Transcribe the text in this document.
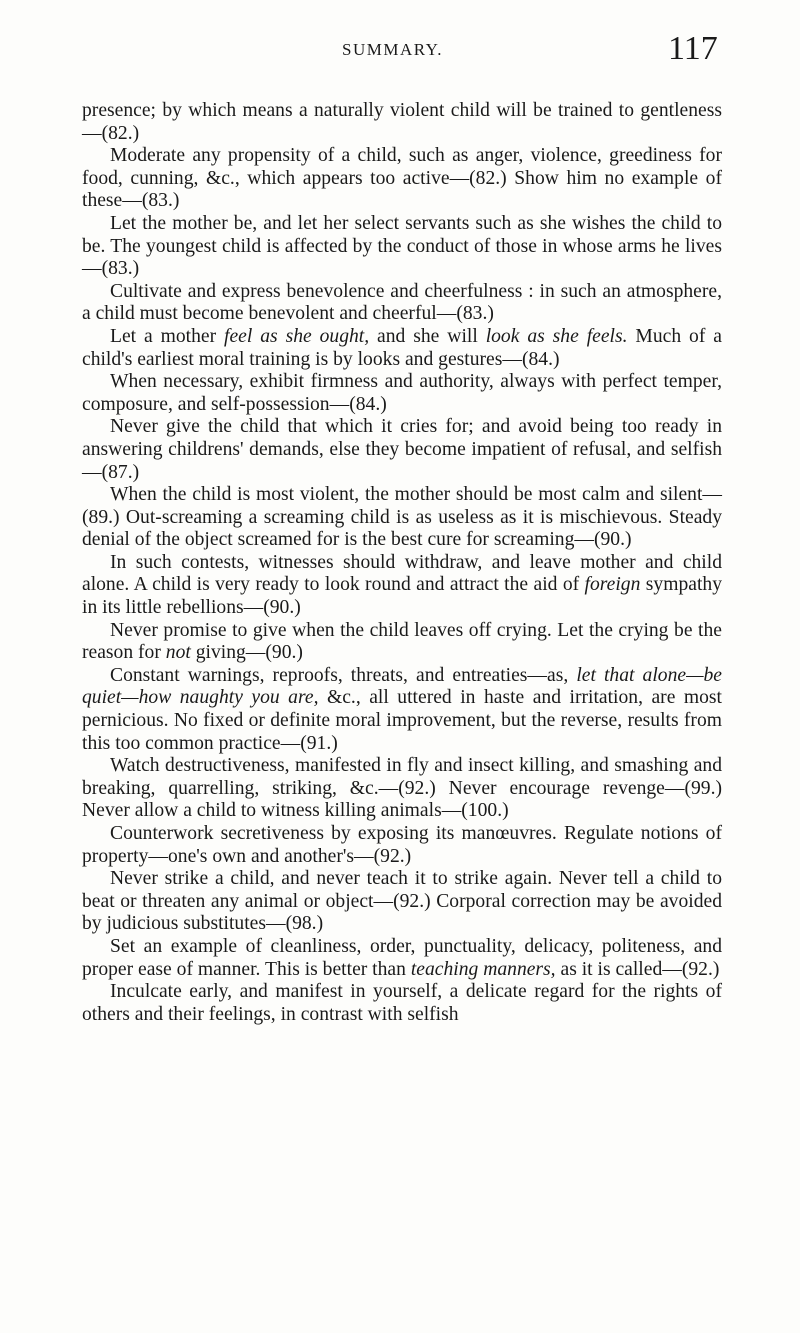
SUMMARY.	117

presence; by which means a naturally violent child will be trained to gentleness—(82.)

Moderate any propensity of a child, such as anger, violence, greediness for food, cunning, &c., which appears too active—(82.) Show him no example of these—(83.)

Let the mother be, and let her select servants such as she wishes the child to be. The youngest child is affected by the conduct of those in whose arms he lives—(83.)

Cultivate and express benevolence and cheerfulness : in such an atmosphere, a child must become benevolent and cheerful—(83.)

Let a mother feel as she ought, and she will look as she feels. Much of a child's earliest moral training is by looks and gestures—(84.)

When necessary, exhibit firmness and authority, always with perfect temper, composure, and self-possession—(84.)

Never give the child that which it cries for; and avoid being too ready in answering childrens' demands, else they become impatient of refusal, and selfish—(87.)

When the child is most violent, the mother should be most calm and silent—(89.) Out-screaming a screaming child is as useless as it is mischievous. Steady denial of the object screamed for is the best cure for screaming—(90.)

In such contests, witnesses should withdraw, and leave mother and child alone. A child is very ready to look round and attract the aid of foreign sympathy in its little rebellions—(90.)

Never promise to give when the child leaves off crying. Let the crying be the reason for not giving—(90.)

Constant warnings, reproofs, threats, and entreaties—as, let that alone—be quiet—how naughty you are, &c., all uttered in haste and irritation, are most pernicious. No fixed or definite moral improvement, but the reverse, results from this too common practice—(91.)

Watch destructiveness, manifested in fly and insect killing, and smashing and breaking, quarrelling, striking, &c.—(92.) Never encourage revenge—(99.) Never allow a child to witness killing animals—(100.)

Counterwork secretiveness by exposing its manœuvres. Regulate notions of property—one's own and another's—(92.)

Never strike a child, and never teach it to strike again. Never tell a child to beat or threaten any animal or object—(92.) Corporal correction may be avoided by judicious substitutes—(98.)

Set an example of cleanliness, order, punctuality, delicacy, politeness, and proper ease of manner. This is better than teaching manners, as it is called—(92.)

Inculcate early, and manifest in yourself, a delicate regard for the rights of others and their feelings, in contrast with selfish
